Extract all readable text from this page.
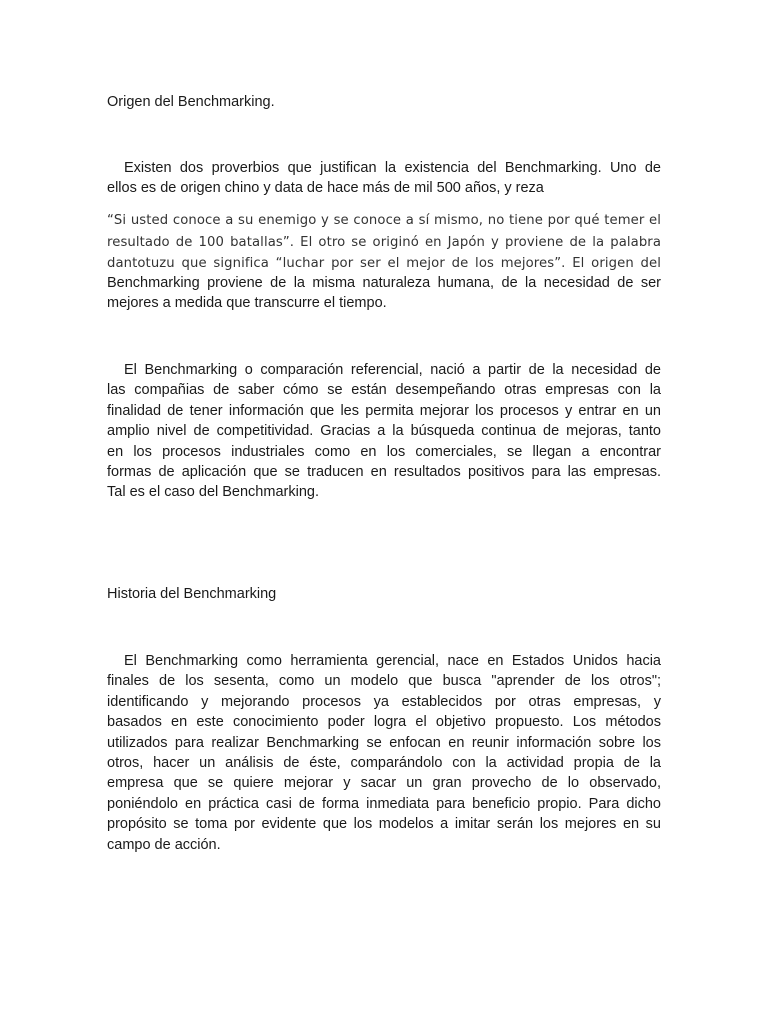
Origen del Benchmarking.
Existen dos proverbios que justifican la existencia del Benchmarking. Uno de
ellos es de origen chino y data de hace más de mil 500 años, y reza
“Si usted conoce a su enemigo y se conoce a sí mismo, no tiene por qué temer el
resultado de 100 batallas”. El otro se originó en Japón y proviene de la palabra
dantotuzu que significa “luchar por ser el mejor de los mejores”. El origen del
Benchmarking proviene de la misma naturaleza humana, de la necesidad de ser
mejores a medida que transcurre el tiempo.
El Benchmarking o comparación referencial, nació a partir de la necesidad de
las compañias de saber cómo se están desempeñando otras empresas con la
finalidad de tener información que les permita mejorar los procesos y entrar en un
amplio nivel de competitividad. Gracias a la búsqueda continua de mejoras, tanto
en los procesos industriales como en los comerciales, se llegan a encontrar
formas de aplicación que se traducen en resultados positivos para las empresas.
Tal es el caso del Benchmarking.
Historia del Benchmarking
El Benchmarking como herramienta gerencial, nace en Estados Unidos hacia
finales de los sesenta, como un modelo que busca "aprender de los otros";
identificando y mejorando procesos ya establecidos por otras empresas, y
basados en este conocimiento poder logra el objetivo propuesto. Los métodos
utilizados para realizar Benchmarking se enfocan en reunir información sobre los
otros, hacer un análisis de éste, comparándolo con la actividad propia de la
empresa que se quiere mejorar y sacar un gran provecho de lo observado,
poniéndolo en práctica casi de forma inmediata para beneficio propio. Para dicho
propósito se toma por evidente que los modelos a imitar serán los mejores en su
campo de acción.
